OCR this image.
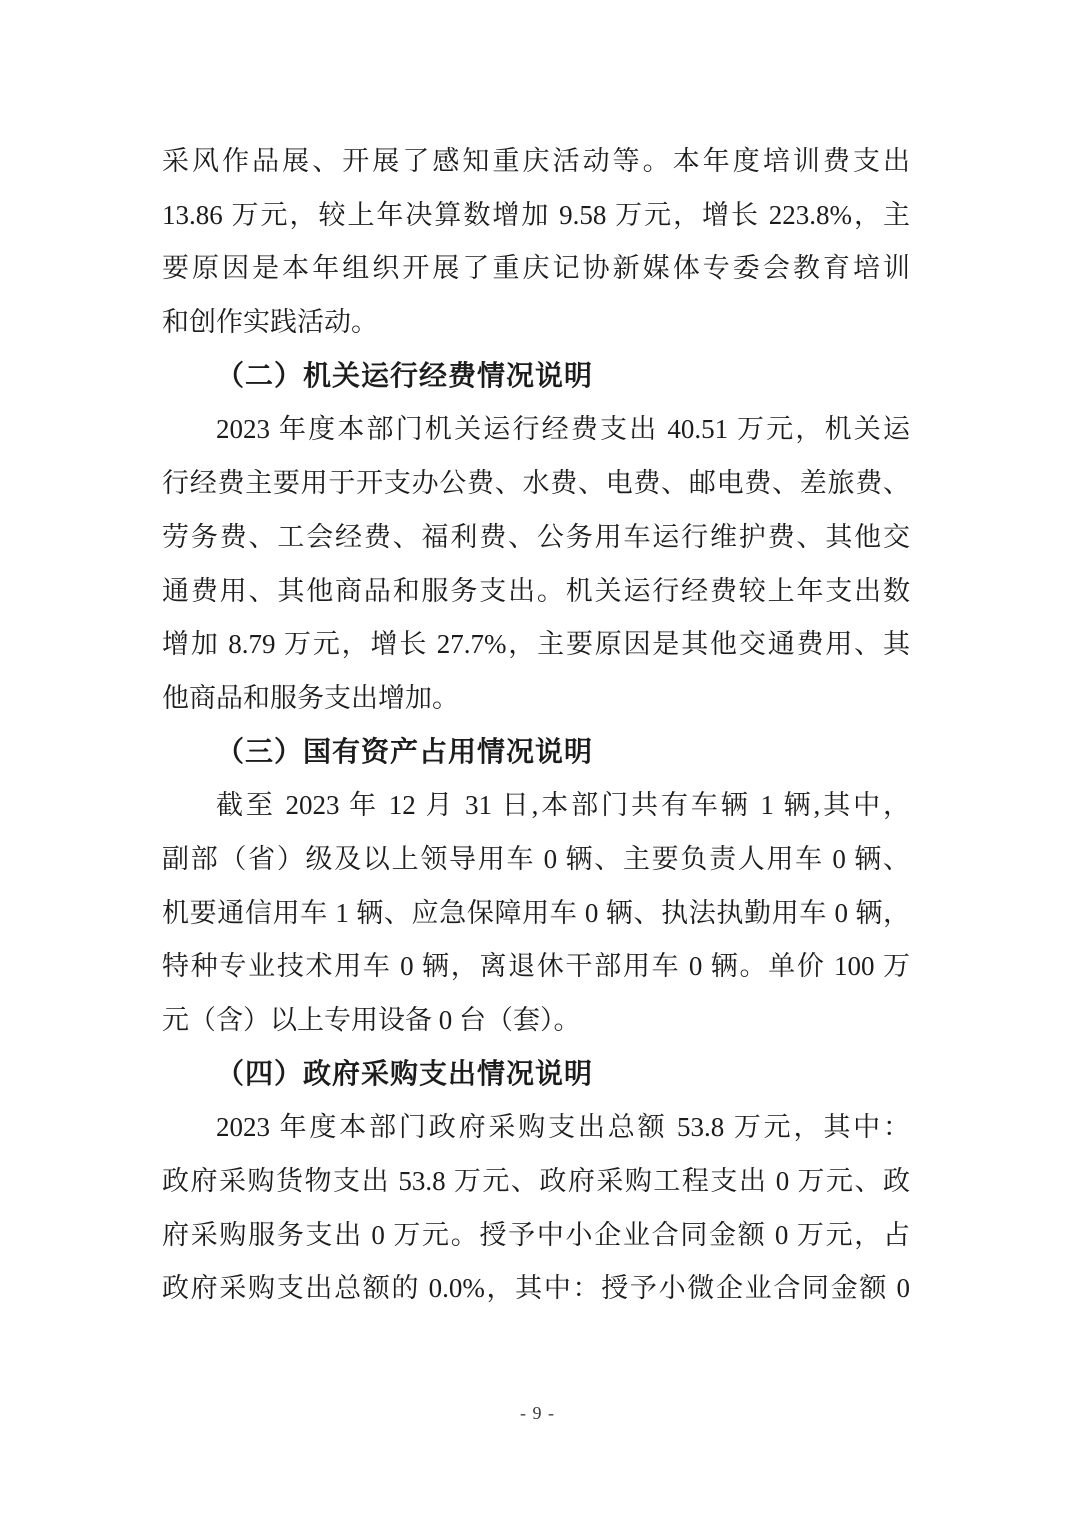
采风作品展、开展了感知重庆活动等。本年度培训费支出
13.86 万元，较上年决算数增加 9.58 万元，增长 223.8%，主
要原因是本年组织开展了重庆记协新媒体专委会教育培训
和创作实践活动。
（二）机关运行经费情况说明
2023 年度本部门机关运行经费支出 40.51 万元，机关运
行经费主要用于开支办公费、水费、电费、邮电费、差旅费、
劳务费、工会经费、福利费、公务用车运行维护费、其他交
通费用、其他商品和服务支出。机关运行经费较上年支出数
增加 8.79 万元，增长 27.7%，主要原因是其他交通费用、其
他商品和服务支出增加。
（三）国有资产占用情况说明
截至 2023 年 12 月 31 日,本部门共有车辆 1 辆,其中，
副部（省）级及以上领导用车 0 辆、主要负责人用车 0 辆、
机要通信用车 1 辆、应急保障用车 0 辆、执法执勤用车 0 辆，
特种专业技术用车 0 辆，离退休干部用车 0 辆。单价 100 万
元（含）以上专用设备 0 台（套）。
（四）政府采购支出情况说明
2023 年度本部门政府采购支出总额 53.8 万元，其中：
政府采购货物支出 53.8 万元、政府采购工程支出 0 万元、政
府采购服务支出 0 万元。授予中小企业合同金额 0 万元，占
政府采购支出总额的 0.0%，其中：授予小微企业合同金额 0
- 9 -
